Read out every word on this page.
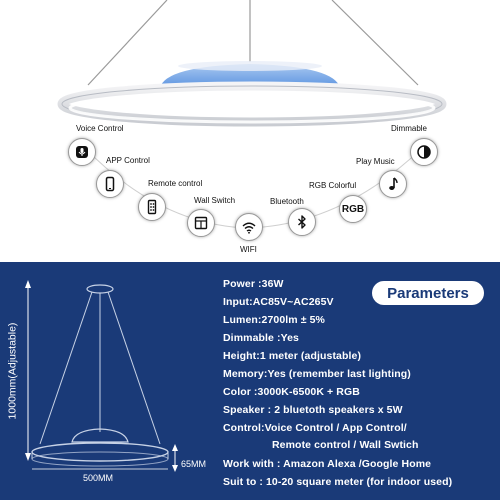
Voice Control	Dimmable
APP Control	Play Music
Remote control	RGB Colorful
RGB
Wall Switch	Bluetooth
WIFI
1000mm(Adjustable)
500MM
65MM
Parameters
Power :36W
Input:AC85V~AC265V
Lumen:2700lm ± 5%
Dimmable :Yes
Height:1 meter (adjustable)
Memory:Yes (remember last lighting)
Color :3000K-6500K + RGB
Speaker : 2 bluetoth speakers x 5W
Control:Voice Control / App Control/
Remote control / Wall Swtich
Work with : Amazon Alexa /Google Home
Suit to : 10-20 square meter (for indoor used)
